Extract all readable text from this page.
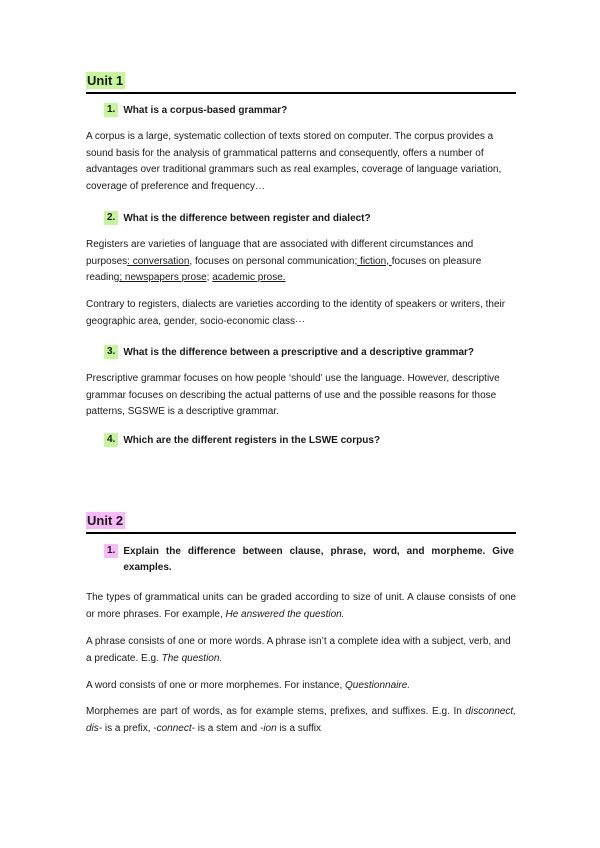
Unit 1
1. What is a corpus-based grammar?

A corpus is a large, systematic collection of texts stored on computer. The corpus provides a sound basis for the analysis of grammatical patterns and consequently, offers a number of advantages over traditional grammars such as real examples, coverage of language variation, coverage of preference and frequency…

2. What is the difference between register and dialect?

Registers are varieties of language that are associated with different circumstances and purposes: conversation, focuses on personal communication; fiction, focuses on pleasure reading; newspapers prose; academic prose.

Contrary to registers, dialects are varieties according to the identity of speakers or writers, their geographic area, gender, socio-economic class···

3. What is the difference between a prescriptive and a descriptive grammar?

Prescriptive grammar focuses on how people ‘should’ use the language. However, descriptive grammar focuses on describing the actual patterns of use and the possible reasons for those patterns, SGSWE is a descriptive grammar.

4. Which are the different registers in the LSWE corpus?
Unit 2
1. Explain the difference between clause, phrase, word, and morpheme. Give examples.

The types of grammatical units can be graded according to size of unit. A clause consists of one or more phrases. For example, He answered the question.

A phrase consists of one or more words. A phrase isn’t a complete idea with a subject, verb, and a predicate. E.g. The question.

A word consists of one or more morphemes. For instance, Questionnaire.

Morphemes are part of words, as for example stems, prefixes, and suffixes. E.g. In disconnect, dis- is a prefix, -connect- is a stem and -ion is a suffix
